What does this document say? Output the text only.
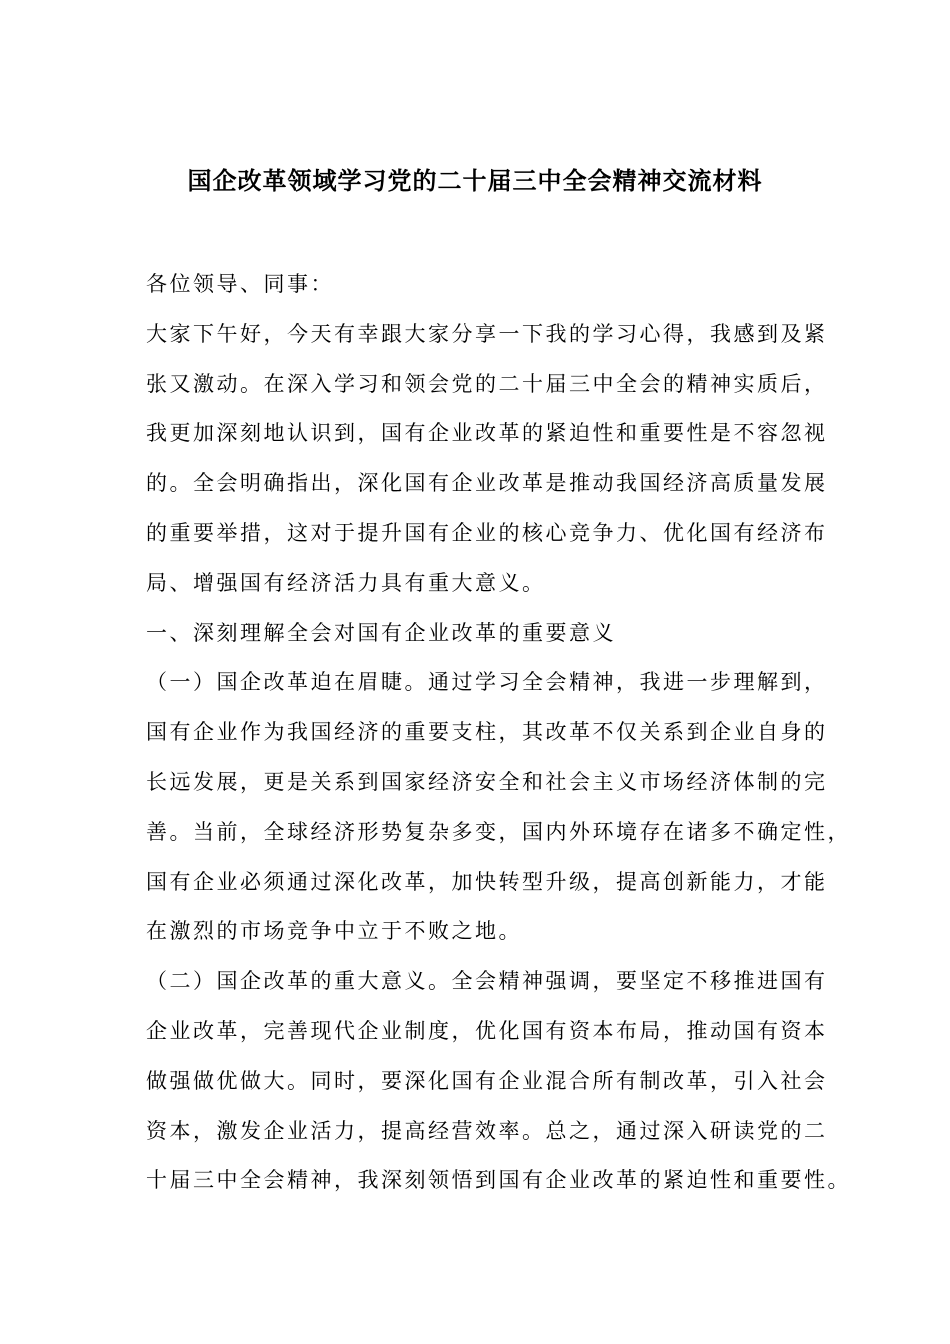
国企改革领域学习党的二十届三中全会精神交流材料
各位领导、同事：
大家下午好，今天有幸跟大家分享一下我的学习心得，我感到及紧
张又激动。在深入学习和领会党的二十届三中全会的精神实质后，
我更加深刻地认识到，国有企业改革的紧迫性和重要性是不容忽视
的。全会明确指出，深化国有企业改革是推动我国经济高质量发展
的重要举措，这对于提升国有企业的核心竞争力、优化国有经济布
局、增强国有经济活力具有重大意义。
一、深刻理解全会对国有企业改革的重要意义
（一）国企改革迫在眉睫。通过学习全会精神，我进一步理解到，
国有企业作为我国经济的重要支柱，其改革不仅关系到企业自身的
长远发展，更是关系到国家经济安全和社会主义市场经济体制的完
善。当前，全球经济形势复杂多变，国内外环境存在诸多不确定性，
国有企业必须通过深化改革，加快转型升级，提高创新能力，才能
在激烈的市场竞争中立于不败之地。
（二）国企改革的重大意义。全会精神强调，要坚定不移推进国有
企业改革，完善现代企业制度，优化国有资本布局，推动国有资本
做强做优做大。同时，要深化国有企业混合所有制改革，引入社会
资本，激发企业活力，提高经营效率。总之，通过深入研读党的二
十届三中全会精神，我深刻领悟到国有企业改革的紧迫性和重要性。
